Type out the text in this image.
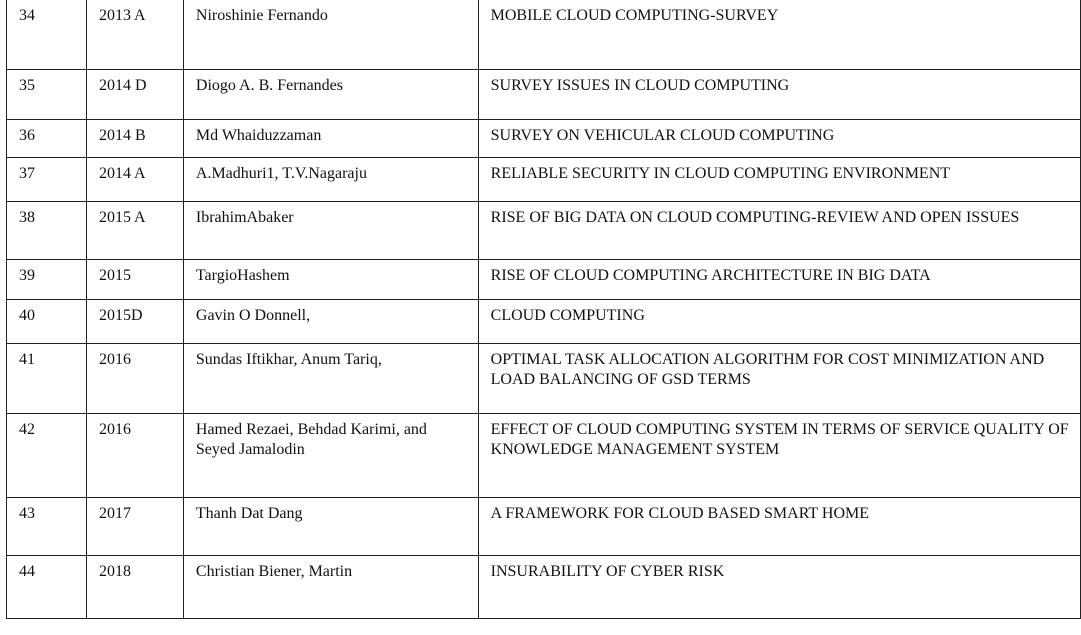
34	2013 A	Niroshinie Fernando	MOBILE CLOUD COMPUTING-SURVEY
35	2014 D	Diogo A. B. Fernandes	SURVEY ISSUES IN CLOUD COMPUTING
36	2014 B	Md Whaiduzzaman	SURVEY ON VEHICULAR CLOUD COMPUTING
37	2014 A	A.Madhuri1, T.V.Nagaraju	RELIABLE SECURITY IN CLOUD COMPUTING ENVIRONMENT
38	2015 A	IbrahimAbaker	RISE OF BIG DATA ON CLOUD COMPUTING-REVIEW AND OPEN ISSUES
39	2015	TargioHashem	RISE OF CLOUD COMPUTING ARCHITECTURE IN BIG DATA
40	2015D	Gavin O Donnell,	CLOUD COMPUTING
41	2016	Sundas Iftikhar, Anum Tariq,	OPTIMAL TASK ALLOCATION ALGORITHM FOR COST MINIMIZATION AND LOAD BALANCING OF GSD TERMS
42	2016	Hamed Rezaei, Behdad Karimi, and Seyed Jamalodin	EFFECT OF CLOUD COMPUTING SYSTEM IN TERMS OF SERVICE QUALITY OF KNOWLEDGE MANAGEMENT SYSTEM
43	2017	Thanh Dat Dang	A FRAMEWORK FOR CLOUD BASED SMART HOME
44	2018	Christian Biener, Martin	INSURABILITY OF CYBER RISK
